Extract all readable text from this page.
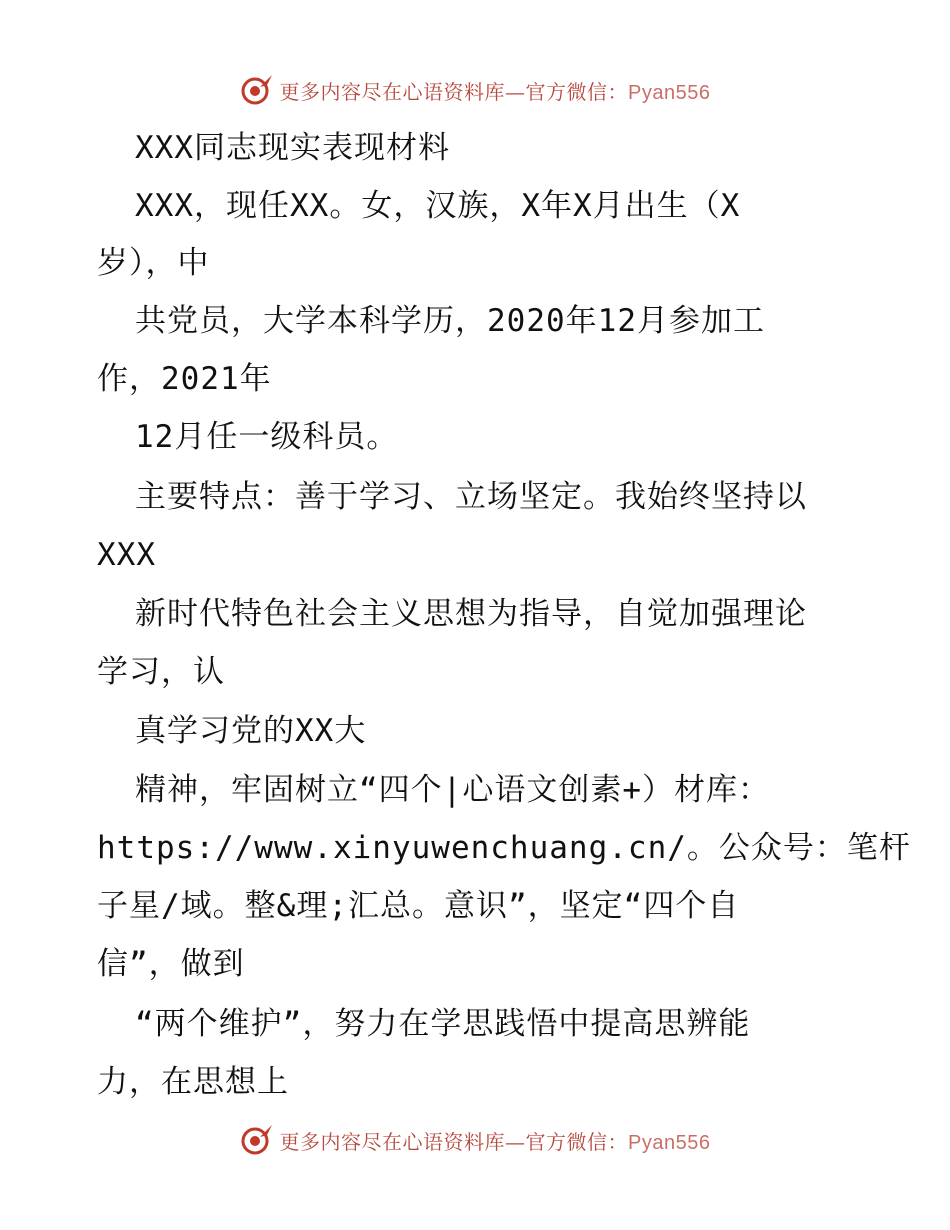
更多内容尽在心语资料库—官方微信：Pyan556
XXX同志现实表现材料
XXX，现任XX。女，汉族，X年X月出生（X
岁），中
共党员，大学本科学历，2020年12月参加工
作，2021年
12月任一级科员。
主要特点：善于学习、立场坚定。我始终坚持以
XXX
新时代特色社会主义思想为指导，自觉加强理论
学习，认
真学习党的XX大
精神，牢固树立“四个|心语文创素+）材库：
https://www.xinyuwenchuang.cn/。公众号：笔杆
子星/域。整&理;汇总。意识”，坚定“四个自
信”，做到
“两个维护”，努力在学思践悟中提高思辨能
力，在思想上
更多内容尽在心语资料库—官方微信：Pyan556
